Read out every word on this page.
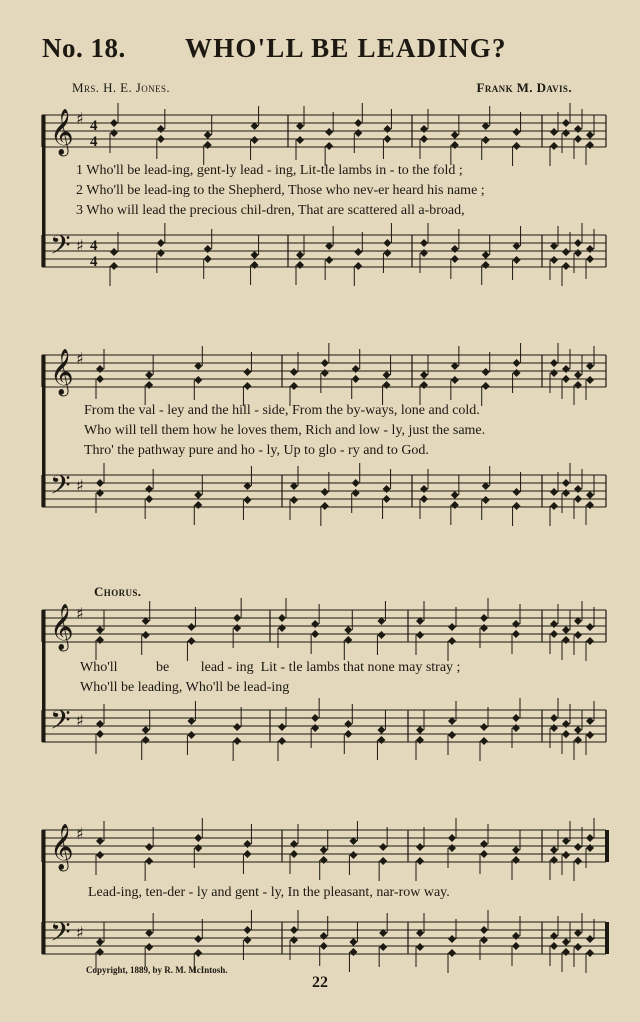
No. 18. WHO'LL BE LEADING?
Mrs. H. E. Jones.	Frank M. Davis.
𝄞 ♯ 4
4
𝄢 ♯ 4
4
𝄞 ♯
𝄢 ♯
𝄞 ♯
𝄢 ♯
𝄞 ♯
𝄢 ♯
1 Who'll be lead-ing, gent-ly lead - ing, Lit-tle lambs in - to the fold ;
2 Who'll be lead-ing to the Shepherd, Those who nev-er heard his name ;
3 Who will lead the precious chil-dren, That are scattered all a-broad,
From the val - ley and the hill - side, From the by-ways, lone and cold.
Who will tell them how he loves them, Rich and low - ly, just the same.
Thro' the pathway pure and ho - ly, Up to glo - ry and to God.
Chorus.
Who'll           be         lead - ing  Lit - tle lambs that none may stray ;
Who'll be leading, Who'll be lead-ing
Lead-ing, ten-der - ly and gent - ly, In the pleasant, nar-row way.
Copyright, 1889, by R. M. McIntosh.
22
